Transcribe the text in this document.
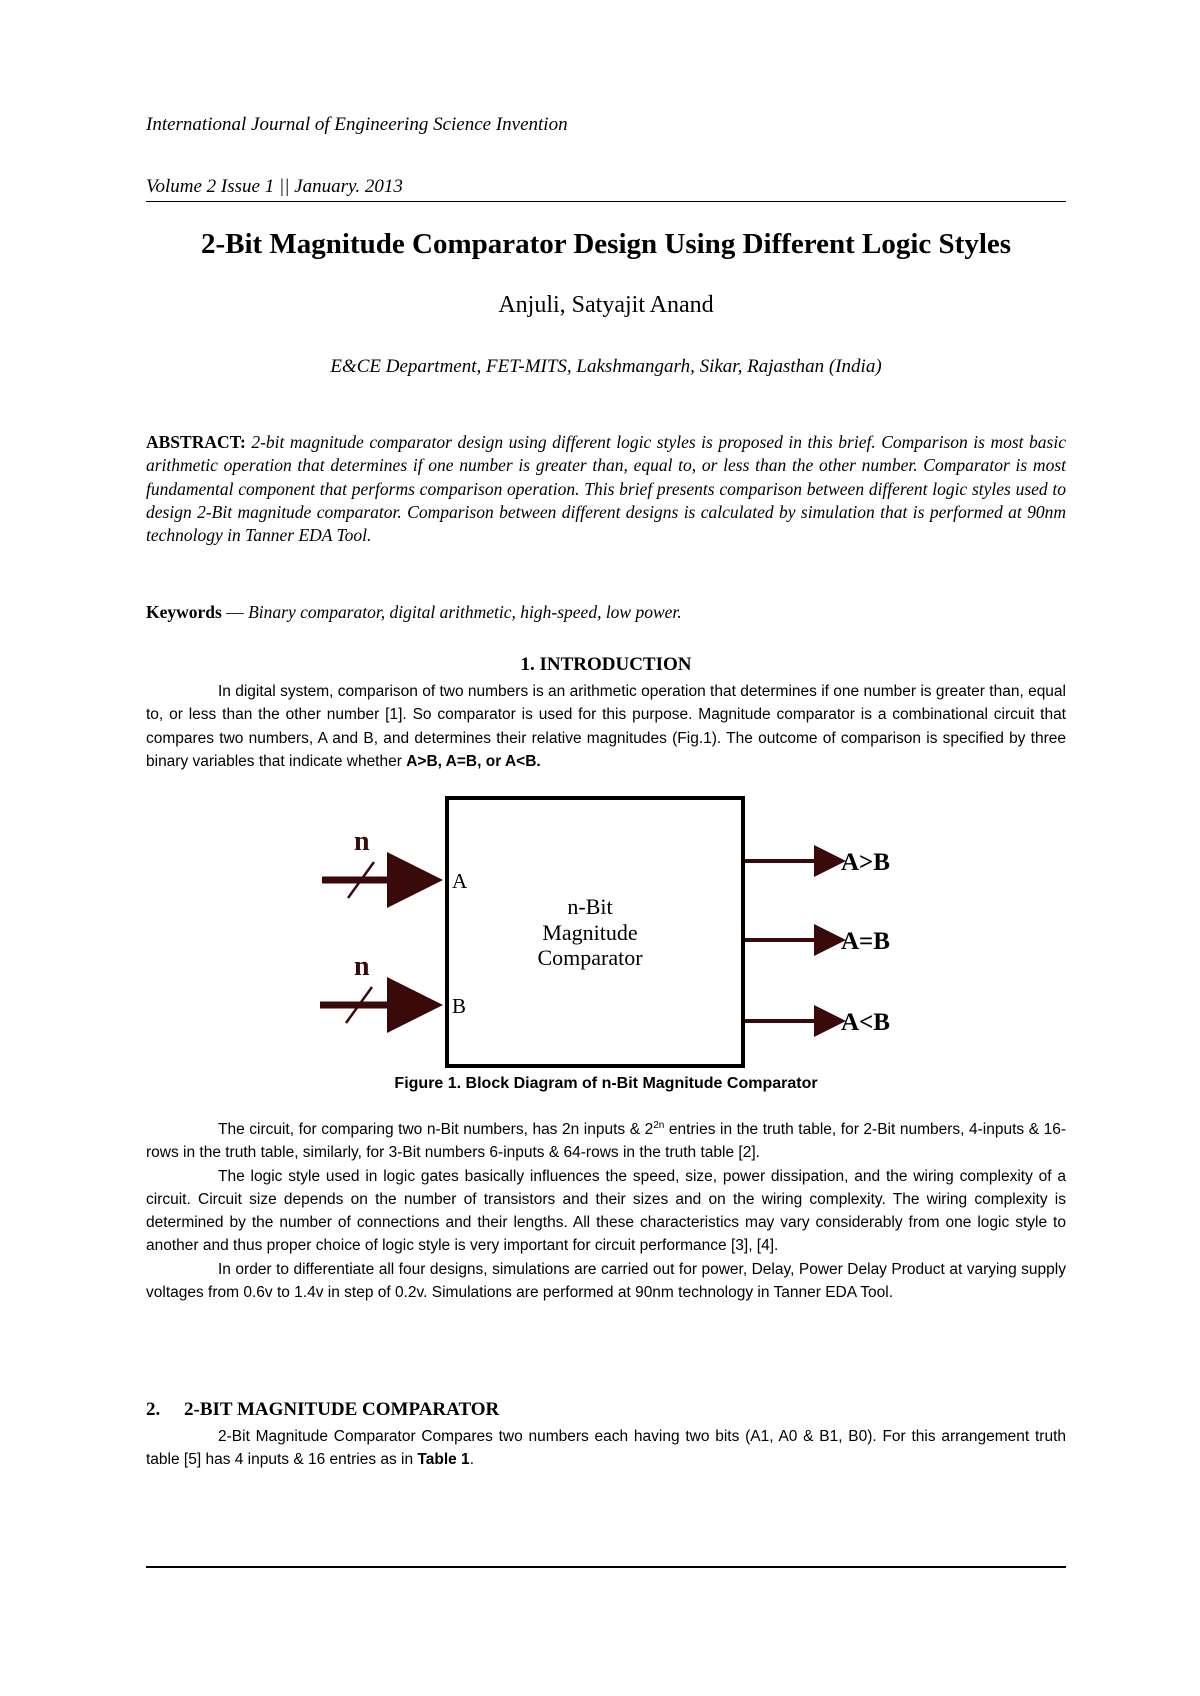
International Journal of Engineering Science Invention
Volume 2 Issue 1 || January. 2013
2-Bit Magnitude Comparator Design Using Different Logic Styles
Anjuli, Satyajit Anand
E&CE Department, FET-MITS, Lakshmangarh, Sikar, Rajasthan (India)
ABSTRACT: 2-bit magnitude comparator design using different logic styles is proposed in this brief. Comparison is most basic arithmetic operation that determines if one number is greater than, equal to, or less than the other number. Comparator is most fundamental component that performs comparison operation. This brief presents comparison between different logic styles used to design 2-Bit magnitude comparator. Comparison between different designs is calculated by simulation that is performed at 90nm technology in Tanner EDA Tool.
Keywords — Binary comparator, digital arithmetic, high-speed, low power.
1. INTRODUCTION

In digital system, comparison of two numbers is an arithmetic operation that determines if one number is greater than, equal to, or less than the other number [1]. So comparator is used for this purpose. Magnitude comparator is a combinational circuit that compares two numbers, A and B, and determines their relative magnitudes (Fig.1). The outcome of comparison is specified by three binary variables that indicate whether A>B, A=B, or A<B.

n
A
n
B
n-Bit
Magnitude
Comparator
A>B
A=B
A<B
Figure 1. Block Diagram of n-Bit Magnitude Comparator

The circuit, for comparing two n-Bit numbers, has 2n inputs & $2^{2n}$ entries in the truth table, for 2-Bit numbers, 4-inputs & 16-rows in the truth table, similarly, for 3-Bit numbers 6-inputs & 64-rows in the truth table [2].

The logic style used in logic gates basically influences the speed, size, power dissipation, and the wiring complexity of a circuit. Circuit size depends on the number of transistors and their sizes and on the wiring complexity. The wiring complexity is determined by the number of connections and their lengths. All these characteristics may vary considerably from one logic style to another and thus proper choice of logic style is very important for circuit performance [3], [4].

In order to differentiate all four designs, simulations are carried out for power, Delay, Power Delay Product at varying supply voltages from 0.6v to 1.4v in step of 0.2v. Simulations are performed at 90nm technology in Tanner EDA Tool.

2. 2-BIT MAGNITUDE COMPARATOR

2-Bit Magnitude Comparator Compares two numbers each having two bits (A1, A0 & B1, B0). For this arrangement truth table [5] has 4 inputs & 16 entries as in Table 1.
